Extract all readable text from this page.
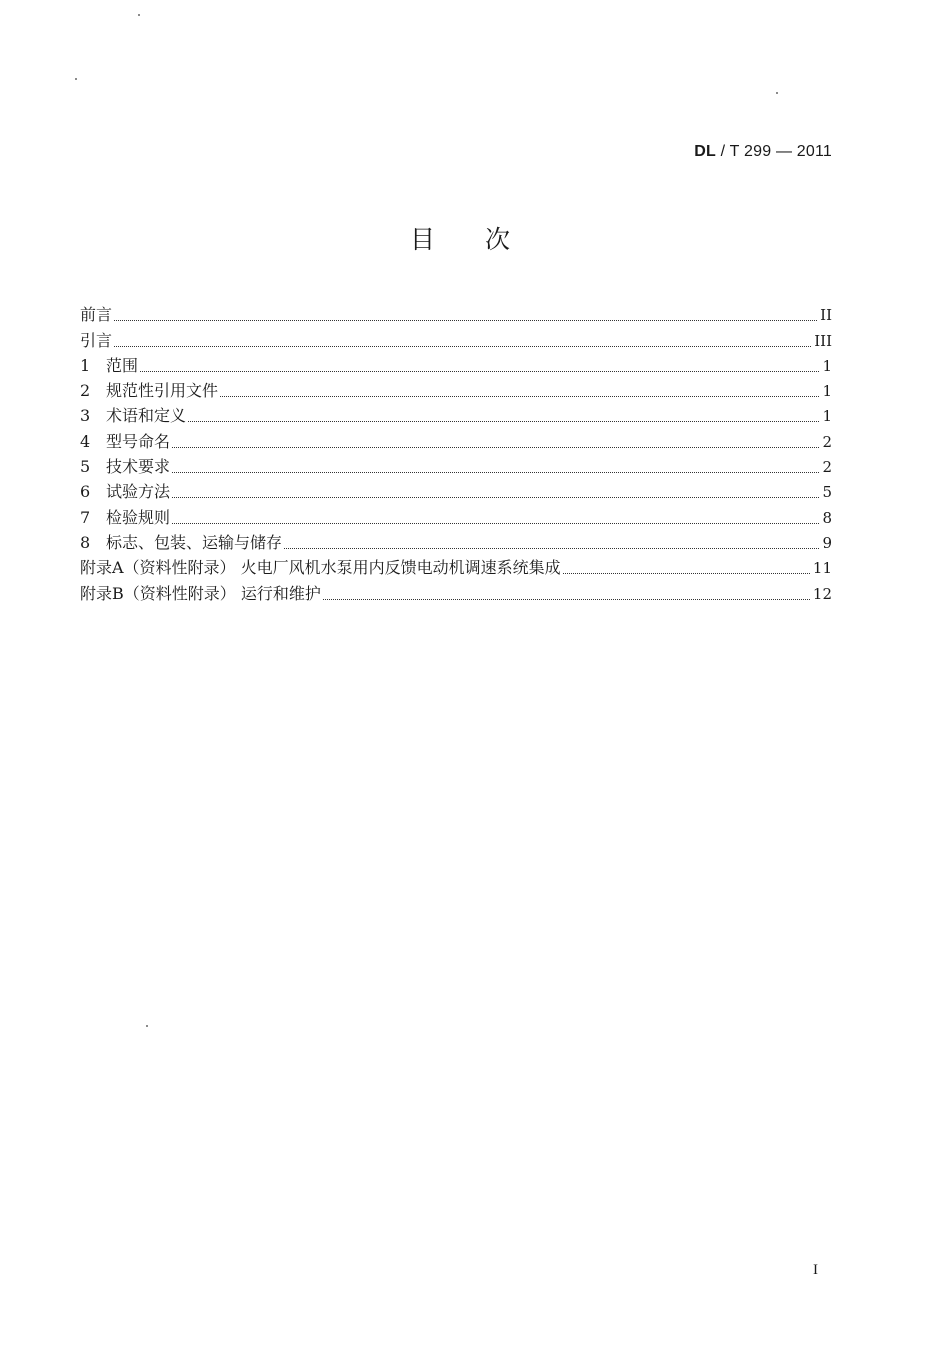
DL / T 299 — 2011
目次
前言	II
引言	III
1 范围	1
2 规范性引用文件	1
3 术语和定义	1
4 型号命名	2
5 技术要求	2
6 试验方法	5
7 检验规则	8
8 标志、包装、运输与储存	9
附录A（资料性附录） 火电厂风机水泵用内反馈电动机调速系统集成	11
附录B（资料性附录） 运行和维护	12
I
